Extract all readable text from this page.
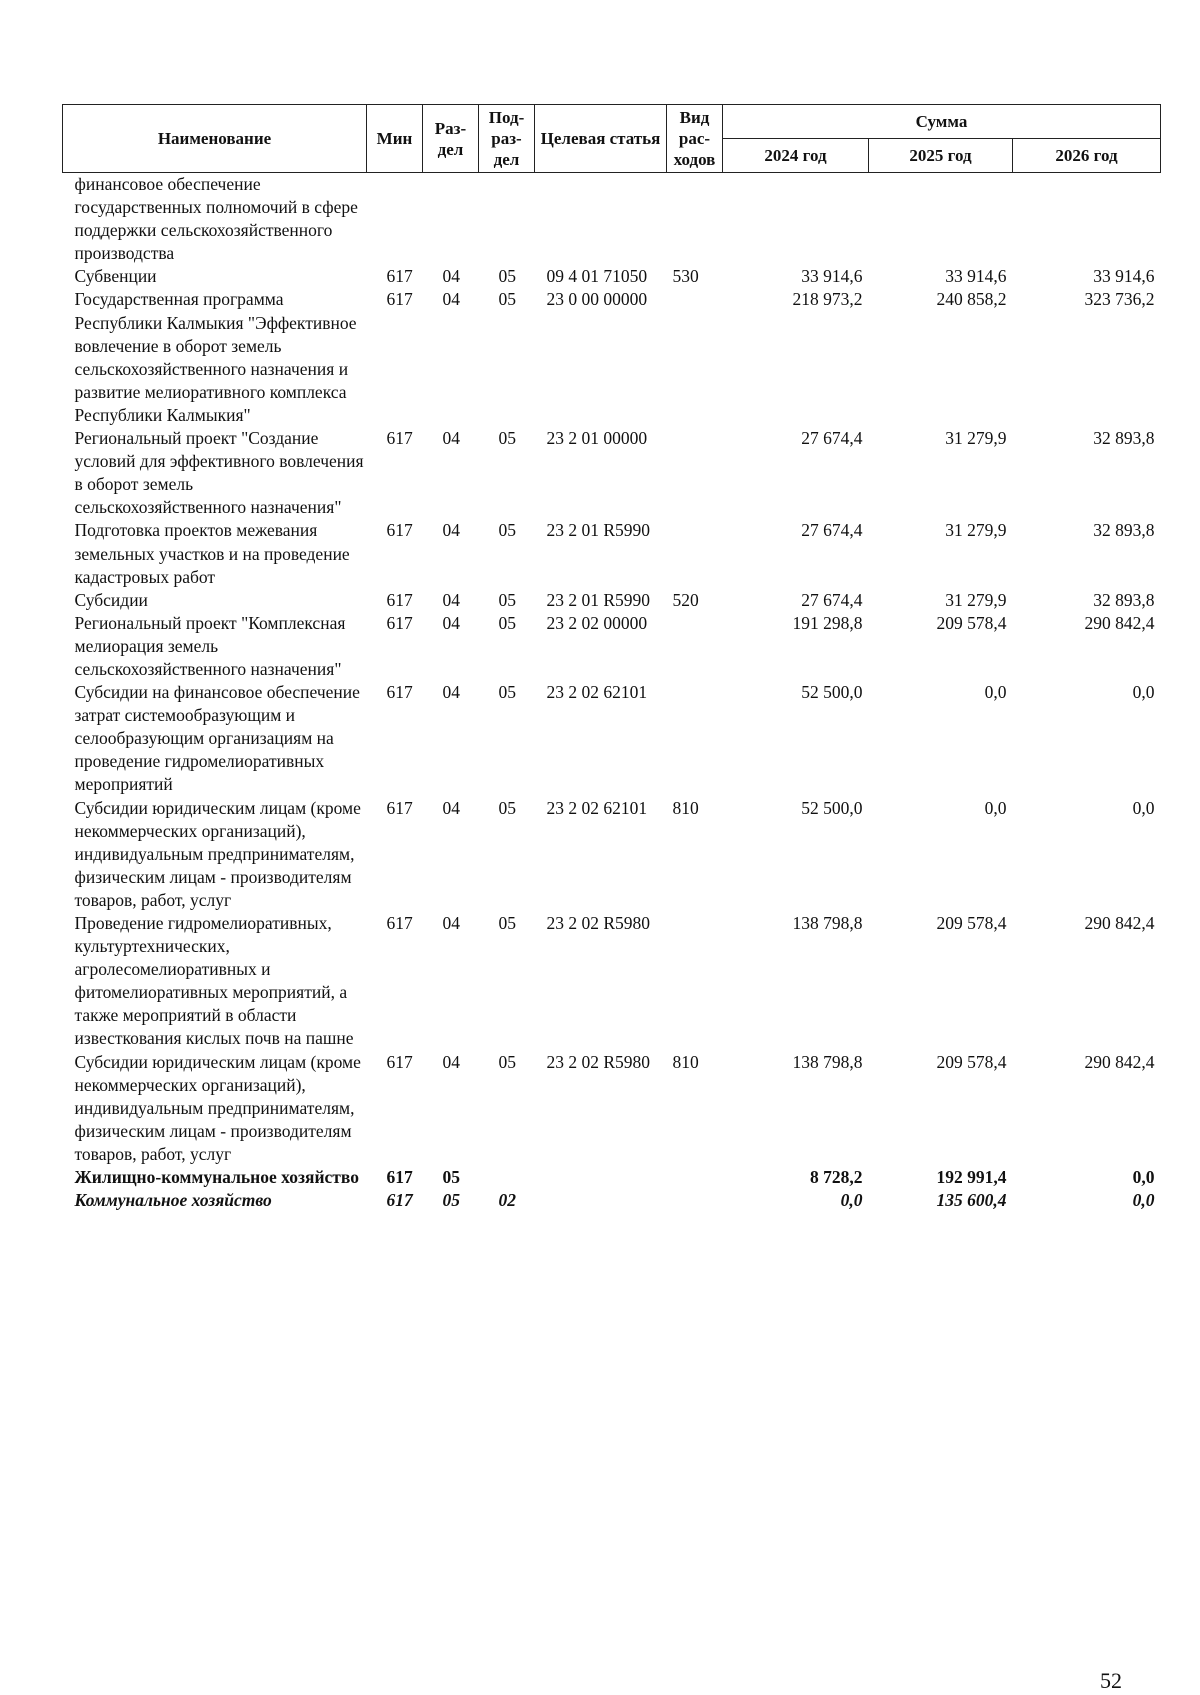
Наименование	Мин	Раз-дел	Под-раз-дел	Целевая статья	Вид рас-ходов	Сумма		
						2024 год	2025 год	2026 год
финансовое обеспечение государственных полномочий в сфере поддержки сельскохозяйственного производства								
Субвенции	617	04	05	09 4 01 71050	530	33 914,6	33 914,6	33 914,6
Государственная программа Республики Калмыкия "Эффективное вовлечение в оборот земель сельскохозяйственного назначения и развитие мелиоративного комплекса Республики Калмыкия"	617	04	05	23 0 00 00000		218 973,2	240 858,2	323 736,2
Региональный проект "Создание условий для эффективного вовлечения в оборот земель сельскохозяйственного назначения"	617	04	05	23 2 01 00000		27 674,4	31 279,9	32 893,8
Подготовка проектов межевания земельных участков и на проведение кадастровых работ	617	04	05	23 2 01 R5990		27 674,4	31 279,9	32 893,8
Субсидии	617	04	05	23 2 01 R5990	520	27 674,4	31 279,9	32 893,8
Региональный проект "Комплексная мелиорация земель сельскохозяйственного назначения"	617	04	05	23 2 02 00000		191 298,8	209 578,4	290 842,4
Субсидии на финансовое обеспечение затрат системообразующим и селообразующим организациям на проведение гидромелиоративных мероприятий	617	04	05	23 2 02 62101		52 500,0	0,0	0,0
Субсидии юридическим лицам (кроме некоммерческих организаций), индивидуальным предпринимателям, физическим лицам - производителям товаров, работ, услуг	617	04	05	23 2 02 62101	810	52 500,0	0,0	0,0
Проведение гидромелиоративных, культуртехнических, агролесомелиоративных и фитомелиоративных мероприятий, а также мероприятий в области известкования кислых почв на пашне	617	04	05	23 2 02 R5980		138 798,8	209 578,4	290 842,4
Субсидии юридическим лицам (кроме некоммерческих организаций), индивидуальным предпринимателям, физическим лицам - производителям товаров, работ, услуг	617	04	05	23 2 02 R5980	810	138 798,8	209 578,4	290 842,4
Жилищно-коммунальное хозяйство	617	05				8 728,2	192 991,4	0,0
Коммунальное хозяйство	617	05	02			0,0	135 600,4	0,0
52
